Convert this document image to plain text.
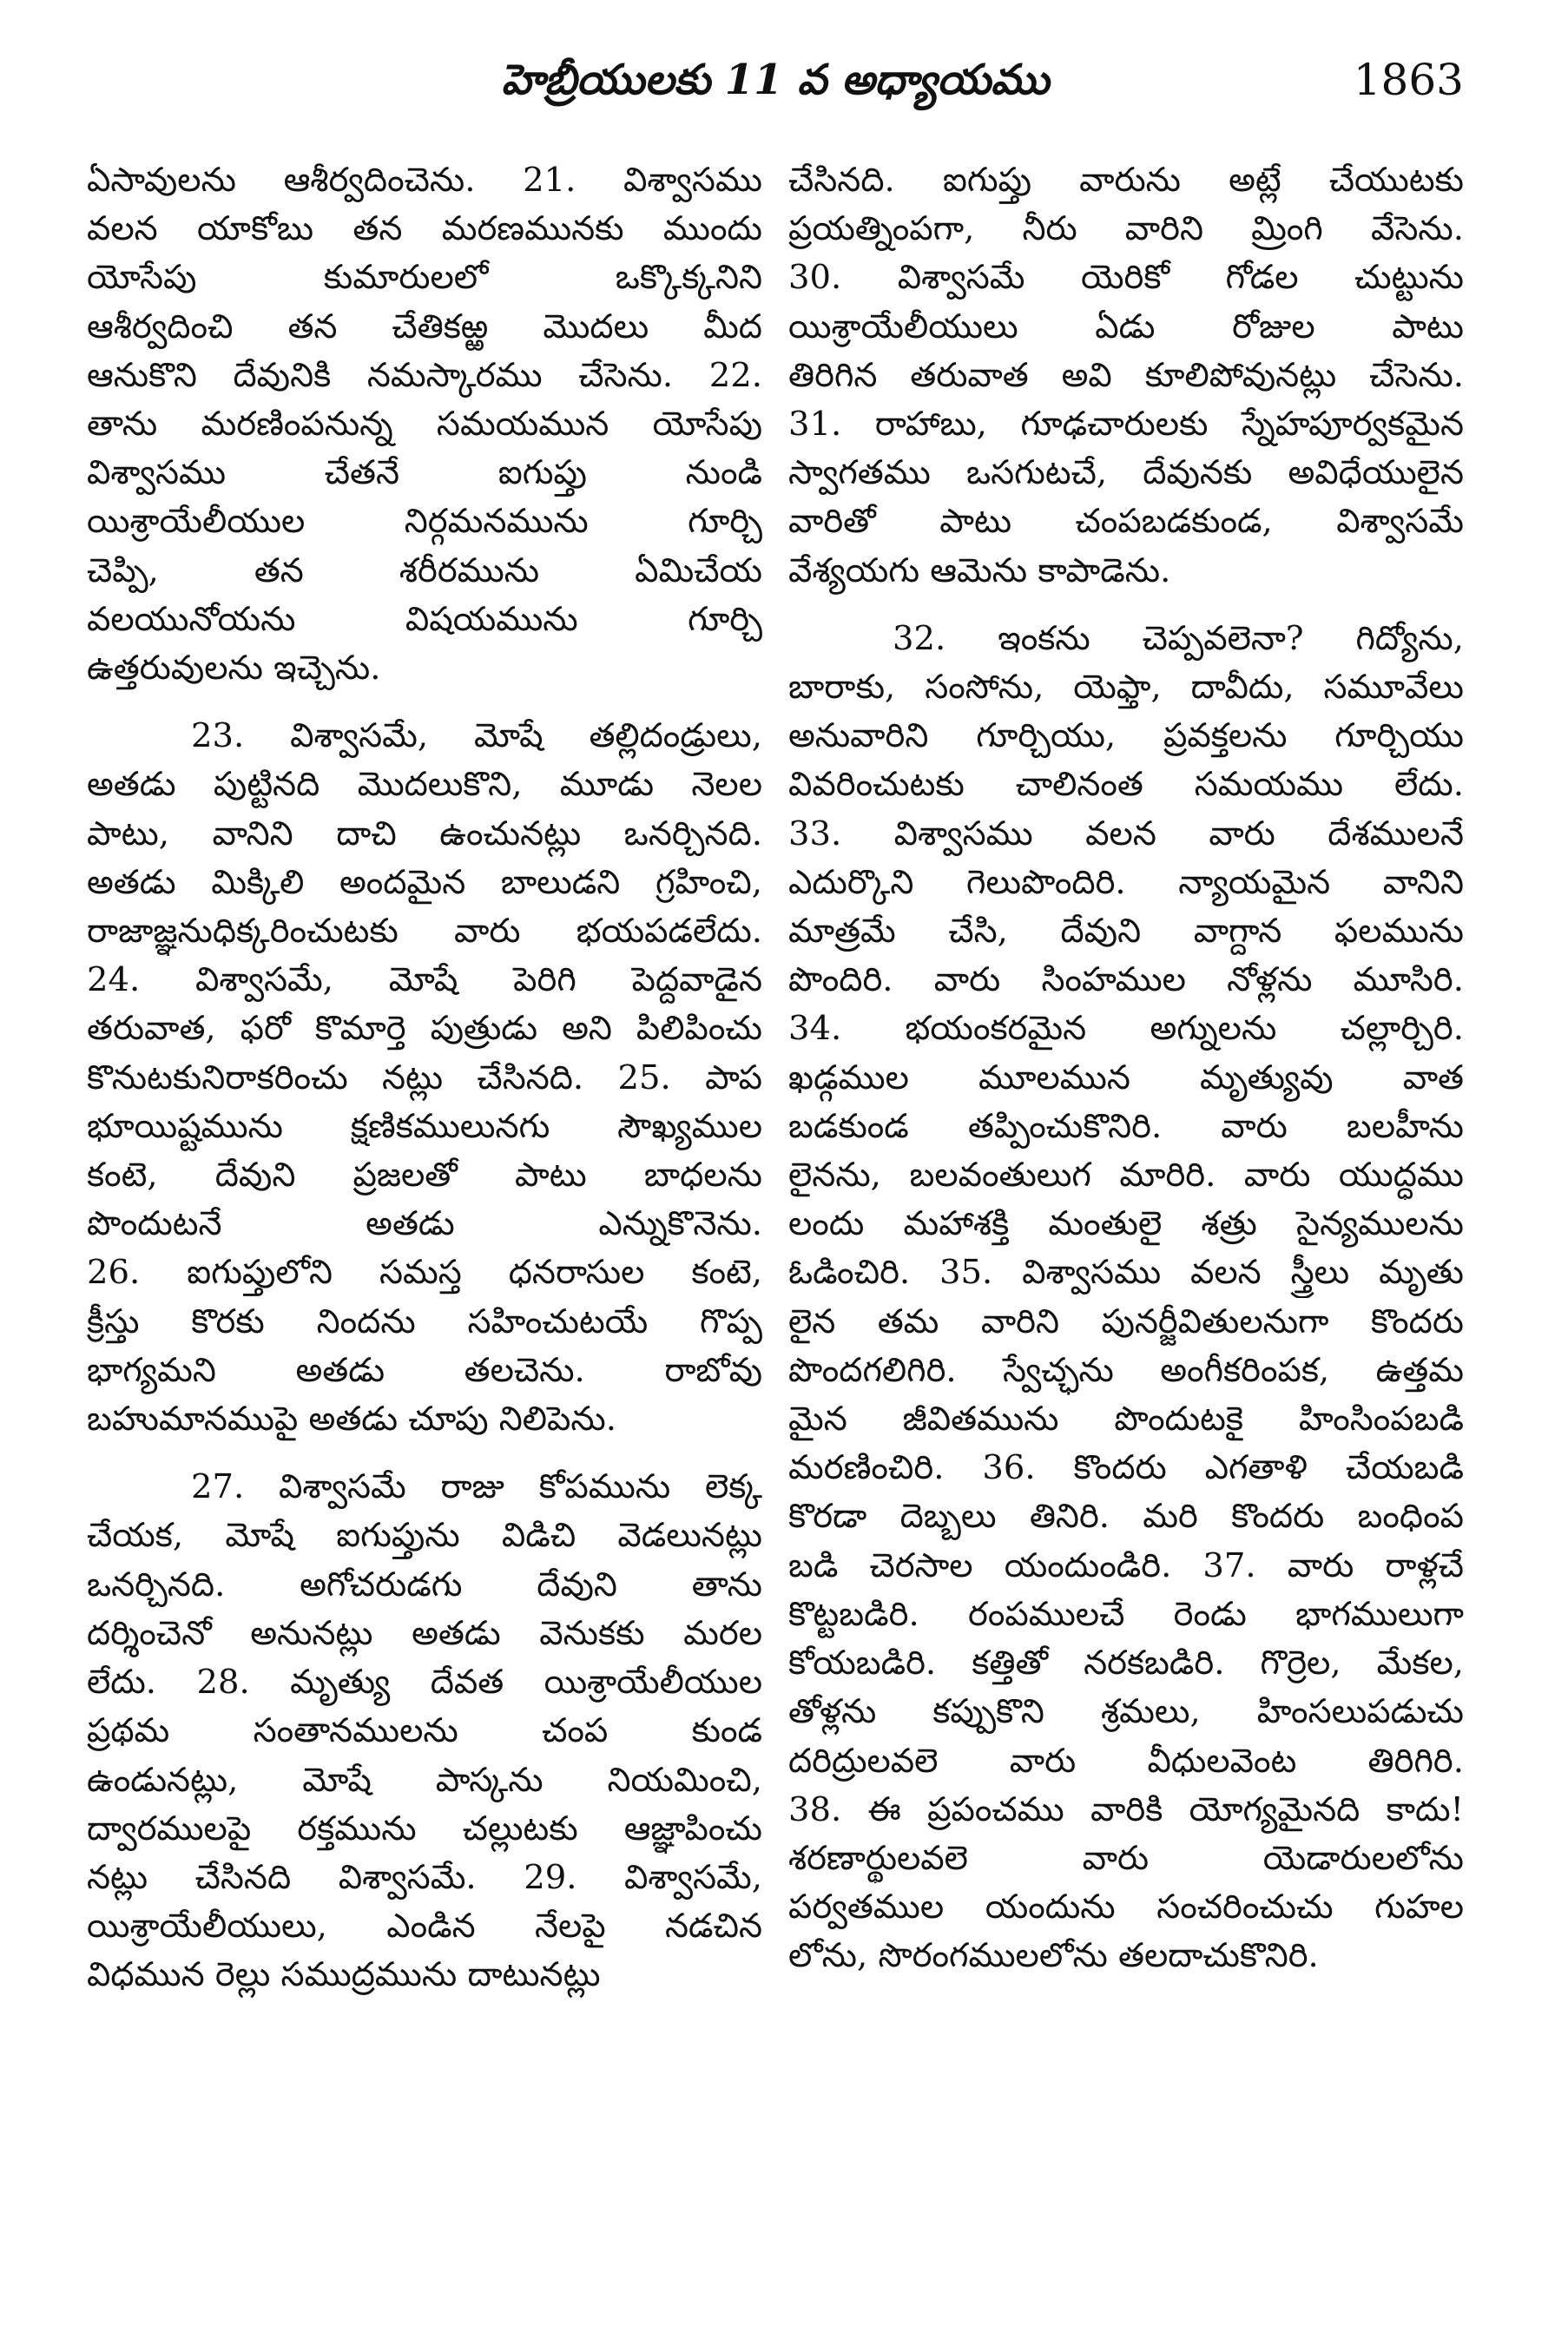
హెబ్రీయులకు 11 వ అధ్యాయము	1863
ఏసావులను ఆశీర్వదించెను. 21. విశ్వాసము
వలన యాకోబు తన మరణమునకు ముందు
యోసేపు కుమారులలో ఒక్కొక్కనిని
ఆశీర్వదించి తన చేతికఱ్ఱ మొదలు మీద
ఆనుకొని దేవునికి నమస్కారము చేసెను. 22.
తాను మరణింపనున్న సమయమున యోసేపు
విశ్వాసము చేతనే ఐగుప్తు నుండి
యిశ్రాయేలీయుల నిర్గమనమును గూర్చి
చెప్పి, తన శరీరమును ఏమిచేయ
వలయునోయను విషయమును గూర్చి
ఉత్తరువులను ఇచ్చెను.
23. విశ్వాసమే, మోషే తల్లిదండ్రులు,
అతడు పుట్టినది మొదలుకొని, మూడు నెలల
పాటు, వానిని దాచి ఉంచునట్లు ఒనర్చినది.
అతడు మిక్కిలి అందమైన బాలుడని గ్రహించి,
రాజాజ్ఞనుధిక్కరించుటకు వారు భయపడలేదు.
24. విశ్వాసమే, మోషే పెరిగి పెద్దవాడైన
తరువాత, ఫరో కొమార్తె పుత్రుడు అని పిలిపించు
కొనుటకునిరాకరించు నట్లు చేసినది. 25. పాప
భూయిష్టమును క్షణికములునగు సౌఖ్యముల
కంటె, దేవుని ప్రజలతో పాటు బాధలను
పొందుటనే అతడు ఎన్నుకొనెను.
26. ఐగుప్తులోని సమస్త ధనరాసుల కంటె,
క్రీస్తు కొరకు నిందను సహించుటయే గొప్ప
భాగ్యమని అతడు తలచెను. రాబోవు
బహుమానముపై అతడు చూపు నిలిపెను.
27. విశ్వాసమే రాజు కోపమును లెక్క
చేయక, మోషే ఐగుప్తును విడిచి వెడలునట్లు
ఒనర్చినది. అగోచరుడగు దేవుని తాను
దర్శించెనో అనునట్లు అతడు వెనుకకు మరల
లేదు. 28. మృత్యు దేవత యిశ్రాయేలీయుల
ప్రథమ సంతానములను చంప కుండ
ఉండునట్లు, మోషే పాస్కను నియమించి,
ద్వారములపై రక్తమును చల్లుటకు ఆజ్ఞాపించు
నట్లు చేసినది విశ్వాసమే. 29. విశ్వాసమే,
యిశ్రాయేలీయులు, ఎండిన నేలపై నడచిన
విధమున రెల్లు సముద్రమును దాటునట్లు
చేసినది. ఐగుప్తు వారును అట్లే చేయుటకు
ప్రయత్నింపగా, నీరు వారిని మ్రింగి వేసెను.
30. విశ్వాసమే యెరికో గోడల చుట్టును
యిశ్రాయేలీయులు ఏడు రోజుల పాటు
తిరిగిన తరువాత అవి కూలిపోవునట్లు చేసెను.
31. రాహాబు, గూఢచారులకు స్నేహపూర్వకమైన
స్వాగతము ఒసగుటచే, దేవునకు అవిధేయులైన
వారితో పాటు చంపబడకుండ, విశ్వాసమే
వేశ్యయగు ఆమెను కాపాడెను.
32. ఇంకను చెప్పవలెనా? గిద్యోను,
బారాకు, సంసోను, యెఫ్తా, దావీదు, సమూవేలు
అనువారిని గూర్చియు, ప్రవక్తలను గూర్చియు
వివరించుటకు చాలినంత సమయము లేదు.
33. విశ్వాసము వలన వారు దేశములనే
ఎదుర్కొని గెలుపొందిరి. న్యాయమైన వానిని
మాత్రమే చేసి, దేవుని వాగ్దాన ఫలమును
పొందిరి. వారు సింహముల నోళ్లను మూసిరి.
34. భయంకరమైన అగ్నులను చల్లార్చిరి.
ఖడ్గముల మూలమున మృత్యువు వాత
బడకుండ తప్పించుకొనిరి. వారు బలహీను
లైనను, బలవంతులుగ మారిరి. వారు యుద్ధము
లందు మహాశక్తి మంతులై శత్రు సైన్యములను
ఓడించిరి. 35. విశ్వాసము వలన స్త్రీలు మృతు
లైన తమ వారిని పునర్జీవితులనుగా కొందరు
పొందగలిగిరి. స్వేచ్ఛను అంగీకరింపక, ఉత్తమ
మైన జీవితమును పొందుటకై హింసింపబడి
మరణించిరి. 36. కొందరు ఎగతాళి చేయబడి
కొరడా దెబ్బలు తినిరి. మరి కొందరు బంధింప
బడి చెరసాల యందుండిరి. 37. వారు రాళ్లచే
కొట్టబడిరి. రంపములచే రెండు భాగములుగా
కోయబడిరి. కత్తితో నరకబడిరి. గొర్రెల, మేకల,
తోళ్లను కప్పుకొని శ్రమలు, హింసలుపడుచు
దరిద్రులవలె వారు వీధులవెంట తిరిగిరి.
38. ఈ ప్రపంచము వారికి యోగ్యమైనది కాదు!
శరణార్థులవలె వారు యెడారులలోను
పర్వతముల యందును సంచరించుచు గుహల
లోను, సొరంగములలోను తలదాచుకొనిరి.
